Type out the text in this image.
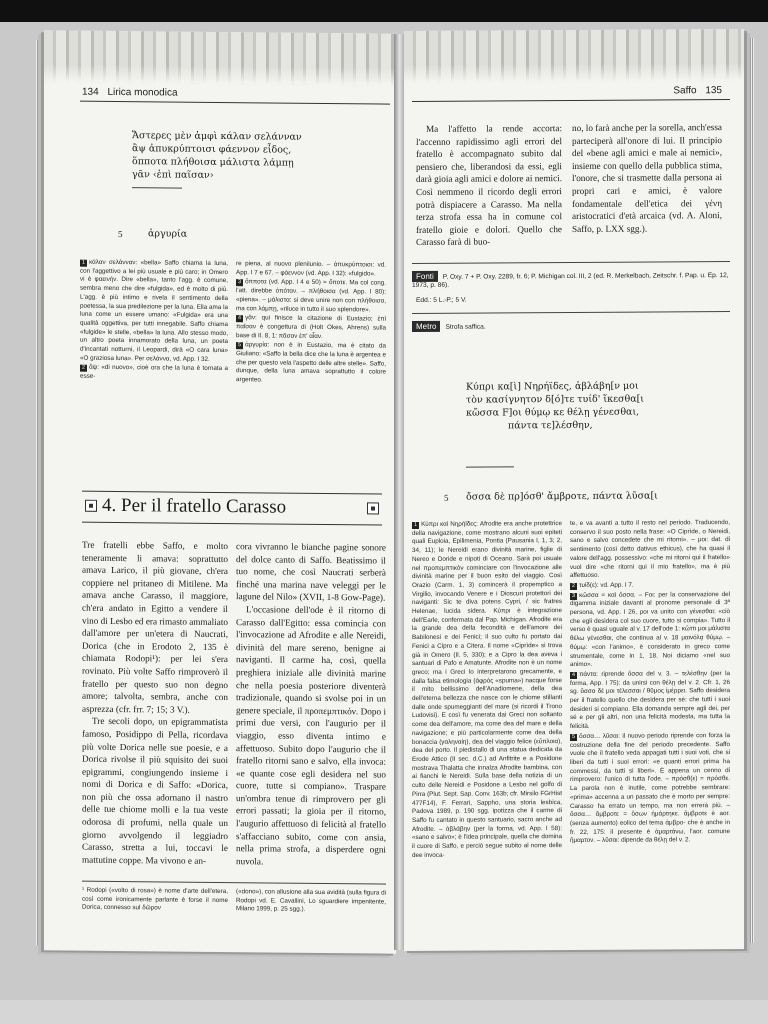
134 Lirica monodica

Ἄστερες μὲν ἀμφὶ κάλαν σελάνναν

ἂψ ἀπυκρύπτοισι φάεννον εἶδος,

ὅπποτα πλήθοισα μάλιστα λάμπῃ

γᾶν ‹ἐπὶ παῖσαν›

5	ἀργυρία

1 κάλαν σελάνναν: «bella» Saffo chiama la luna, con l'aggettivo a lei più usuale e più caro; in Omero vi è φαεινήν. Dire «bella», tanto l'agg. è comune, sembra meno che dire «fulgida», ed è molto di più. L'agg. è più intimo e rivela il sentimento della poetessa, la sua predilezione per la luna. Ella ama la luna come un essere umano: «Fulgida» era una qualità oggettiva, per tutti innegabile. Saffo chiama «fulgide» le stelle, «bella» la luna. Allo stesso modo, un altro poeta innamorato della luna, un poeta d'incantati notturni, il Leopardi, dirà «O cara luna» «O graziosa luna». Per σελάννα, vd. App. I 32.

2 ἂψ: «di nuovo», cioè ora che la luna è tornata a esse-

re piena, al nuovo plenilunio. – ἀπυκρύπτοισι: vd. App. I 7 e 67. – φάεννον (vd. App. I 32): «fulgido».

3 ὅπποτα (vd. App. I 4 e 50) = ὅποτε. Ma col cong. l'att. direbbe ὁπόταν. – πλήθοισα (vd. App. I 80): «piena». – μάλιστα: si deve unire non con πλήθοισα, ma con λάμπῃ, «riluce in tutto il suo splendore».

4 γᾶν: qui finisce la citazione di Eustazio; ἐπὶ παῖσαν è congettura di (Holt Okes, Ahrens) sulla base di Il. 8, 1: πᾶσαν ἐπ' αἶαν.

5 ἀργυρία: non è in Eustazio, ma è citato da Giuliano: «Saffo la bella dice che la luna è argentea e che per questo vela l'aspetto delle altre stelle». Saffo, dunque, della luna amava soprattutto il colore argenteo.

4. Per il fratello Carasso

Tre fratelli ebbe Saffo, e molto teneramente li amava: soprattutto amava Larico, il più giovane, ch'era coppiere nel pritaneo di Mitilene. Ma amava anche Carasso, il maggiore, ch'era andato in Egitto a vendere il vino di Lesbo ed era rimasto ammaliato dall'amore per un'etera di Naucrati, Dorica (che in Erodoto 2, 135 è chiamata Rodopi¹): per lei s'era rovinato. Più volte Saffo rimproverò il fratello per questo suo non degno amore; talvolta, sembra, anche con asprezza (cfr. frr. 7; 15; 3 V.).

Tre secoli dopo, un epigrammatista famoso, Posidippo di Pella, ricordava più volte Dorica nelle sue poesie, e a Dorica rivolse il più squisito dei suoi epigrammi, congiungendo insieme i nomi di Dorica e di Saffo: «Dorica, non più che ossa adornano il nastro delle tue chiome molli e la tua veste odorosa di profumi, nella quale un giorno avvolgendo il leggiadro Carasso, stretta a lui, toccavi le mattutine coppe. Ma vivono e an-

cora vivranno le bianche pagine sonore del dolce canto di Saffo. Beatissimo il tuo nome, che così Naucrati serberà finché una marina nave veleggi per le lagune del Nilo» (XVII, 1-8 Gow-Page).

L'occasione dell'ode è il ritorno di Carasso dall'Egitto: essa comincia con l'invocazione ad Afrodite e alle Nereidi, divinità del mare sereno, benigne ai naviganti. Il carme ha, così, quella preghiera iniziale alle divinità marine che nella poesia posteriore diventerà tradizionale, quando si svolse poi in un genere speciale, il προπεμπτικόν. Dopo i primi due versi, con l'augurio per il viaggio, esso diventa intimo e affettuoso. Subito dopo l'augurio che il fratello ritorni sano e salvo, ella invoca: «e quante cose egli desidera nel suo cuore, tutte si compiano». Traspare un'ombra tenue di rimprovero per gli errori passati; la gioia per il ritorno, l'augurio affettuoso di felicità al fratello s'affacciano subito, come con ansia, nella prima strofa, a disperdere ogni nuvola.

¹ Rodopi («volto di rosa») è nome d'arte dell'etera, così come ironicamente parlante è forse il nome Dorica, connesso sul δῶρον
(«dono»), con allusione alla sua avidità (sulla figura di Rodopi vd. E. Cavallini, Lo sguardiere impenitente, Milano 1999, p. 25 sgg.).
Saffo 135

Ma l'affetto la rende accorta: l'accenno rapidissimo agli errori del fratello è accompagnato subito dal pensiero che, liberandosi da essi, egli darà gioia agli amici e dolore ai nemici. Così nemmeno il ricordo degli errori potrà dispiacere a Carasso. Ma nella terza strofa essa ha in comune col fratello gioie e dolori. Quello che Carasso farà di buo-

no, lo farà anche per la sorella, anch'essa parteciperà all'onore di lui. Il principio del «bene agli amici e male ai nemici», insieme con quello della pubblica stima, l'onore, che si trasmette dalla persona ai propri cari e amici, è valore fondamentale dell'etica dei γένη aristocratici d'età arcaica (vd. A. Aloni, Saffo, p. LXX sgg.).

Fonti P. Oxy. 7 + P. Oxy. 2289, fr. 6; P. Michigan col. III, 2 (ed. R. Merkelbach, Zeitschr. f. Pap. u. Ep. 12, 1973, p. 86).
Edd.: 5 L.-P.; 5 V.
Metro Strofa saffica.

Κύπρι κα[ὶ] Νηρήϊδες, ἀβλάβη[ν μοι

τὸν κασίγνητον δ[ό]τε τυίδ' ἵκεσθα[ι

κὤσσα F]οι θύμῳ κε θέλῃ γένεσθαι,

πάντα τε]λέσθην,

5 ὄσσα δὲ πρ]όσθ' ἄμβροτε, πάντα λῦσα[ι

1 Κύπρι καὶ Νηρήϊδες: Afrodite era anche protettrice della navigazione, come mostrano alcuni suoi epiteti quali Euploia, Epilimenia, Pontia (Pausania I, 1, 3; 2, 34, 11); le Nereidi erano divinità marine, figlie di Nereo e Doride e nipoti di Oceano. Sarà poi usuale nel προπεμπτικόν cominciare con l'invocazione alle divinità marine per il buon esito del viaggio. Così Orazio (Carm. 1, 3) comincerà il propemptico a Virgilio, invocando Venere e i Dioscuri protettori dei naviganti: Sic te diva potens Cypri, / sic fratres Helenae, lucida sidera. Κύπρι è integrazione dell'Earle, confermata dal Pap. Michigan. Afrodite era la grande dea della fecondità e dell'amore dei Babilonesi e dei Fenici; il suo culto fu portato dai Fenici a Cipro e a Citera. Il nome «Ciprìde» si trova già in Omero (Il. 5, 330); e a Cipro la dea aveva i santuari di Pafo e Amatunte. Afrodite non è un nome greco; ma i Greci lo interpretarono grecamente, e dalla falsa etimologia (ἀφρός «spuma») nacque forse il mito bellissimo dell'Anadiomene, della dea dell'eterna bellezza che nasce con le chiome stillanti dalle onde spumeggianti del mare (si ricordi il Trono Ludovisi). E così fu venerata dai Greci non soltanto come dea dell'amore, ma come dea del mare e della navigazione; e più particolarmente come dea della bonaccia (γαληναίη), dea del viaggio felice (εὔπλοια), dea del porto. Il piedistallo di una statua dedicata da Erode Attico (II sec. d.C.) ad Anfitrite e a Posidone mostrava Thalatta che innalza Afrodite bambina, con ai fianchi le Nereidi. Sulla base della notizia di un culto delle Nereidi e Posidone a Lesbo nel golfo di Pirra (Plut. Sept. Sap. Conv. 163b; cfr. Mirsilo FGrHist 477F14), F. Ferrari, Sappho, una storia lesbica, Padova 1989, p. 190 sgg. ipotizza che il carme di Saffo fu cantato in questo santuario, sacro anche ad Afrodite. – ἀβλάβην (per la forma, vd. App. I 58): «sano e salvo»; è l'idea principale, quella che domina il cuore di Saffo, e perciò segue subito al nome delle dee invoca-

te, e va avanti a tutto il resto nel periodo. Traducendo, conservo il suo posto nella frase: «O Ciprìde, o Nereidi, sano e salvo concedete che mi ritorni». – μοι: dat. di sentimento (così detto dativus ethicus), che ha quasi il valore dell'agg. possessivo: «che mi ritorni qui il fratello» vuol dire «che ritorni qui il mio fratello», ma è più affettuoso.

2 τυίδ(ε): vd. App. I 7.

3 κὤσσα = καὶ ὅσσα. – Fοι: per la conservazione del digamma iniziale davanti al pronome personale di 3ª persona, vd. App. I 26, ροι va unito con γένεσθαι: «ciò che egli desidera col suo cuore, tutto si compia». Tutto il verso è quasi uguale al v. 17 dell'ode 1: κὤττι μοι μάλιστα θέλω γένεσθαι, che continua al v. 18 μαινόλᾳ θύμῳ. – θύμῳ: «con l'animo», è considerato in greco come strumentale, come in 1, 18. Noi diciamo «nel suo animo».

4 πάντα: riprende ὄσσα del v. 3. – τελέσθην (per la forma, App. I 75): da unirsi con θέλῃ del v. 2. Cfr. 1, 26 sg. ὄσσα δέ μοι τέλεσσαι / θῦμος ἰμέρρει. Saffo desidera per il fratello quello che desidera per sé: che tutti i suoi desideri si compiano. Ella domanda sempre agli dei, per sé e per gli altri, non una felicità modesta, ma tutta la felicità.

5 ὄσσα… λῦσαι: il nuovo periodo riprende con forza la costruzione della fine del periodo precedente. Saffo vuole che il fratello veda appagati tutti i suoi voti, che si liberi da tutti i suoi errori: «e quanti errori prima ha commessi, da tutti si liberi». È appena un cenno di rimprovero: l'unico di tutta l'ode. – πρόσθ(ε) = πρόσθε. La parola non è inutile, come potrebbe sembrare: «prima» accenna a un passato che è morto per sempre: Carasso ha errato un tempo, ma non errerà più. – ὄσσα… ἄμβροτε = ὅσων ἡμάρτηκε. ἄμβροτε è aor. (senza aumento) eolico del tema ἀμβρο- che è anche in fr. 22, 175: il presente è ἀμαρτάνω, l'aor. comune ἥμαρτον. – λῦσαι: dipende da θέλῃ del v. 2.
